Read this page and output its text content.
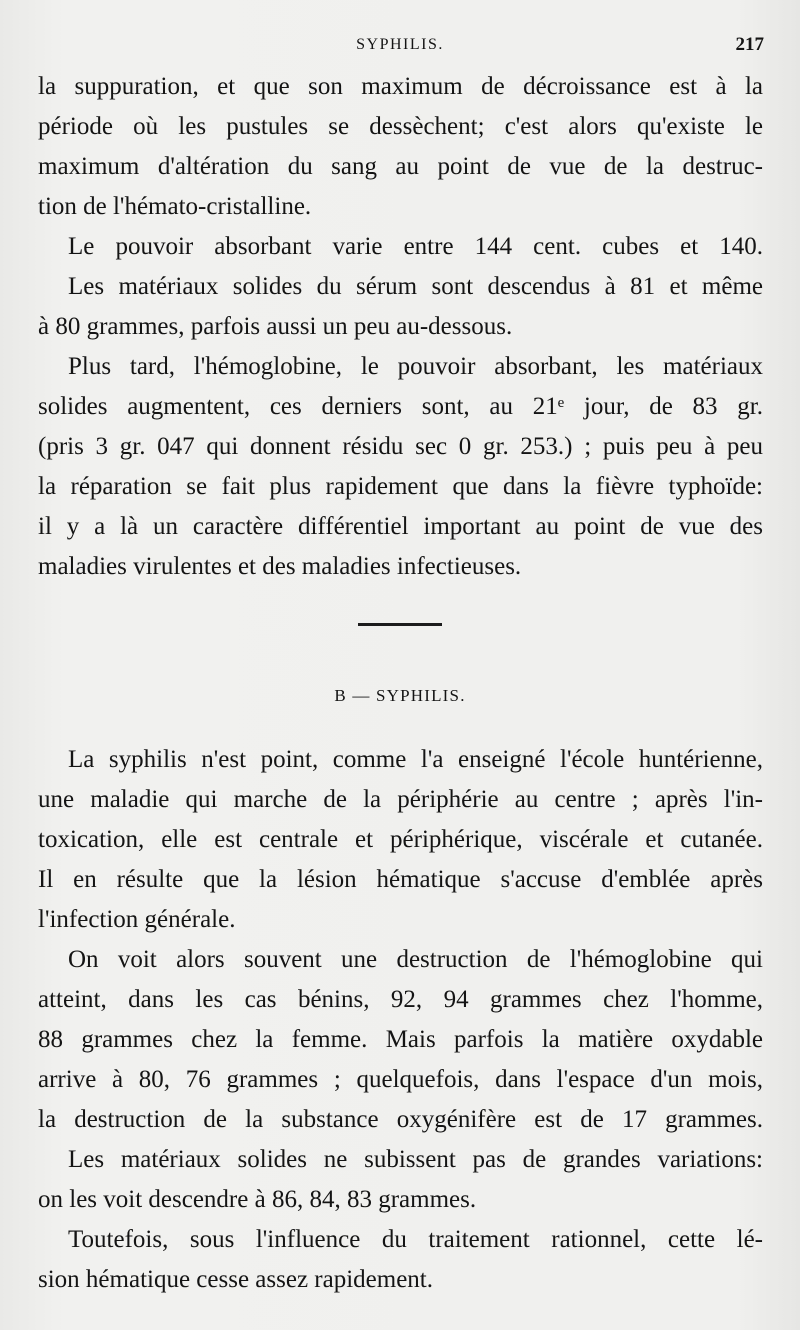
SYPHILIS.	217
la suppuration, et que son maximum de décroissance est à la
période où les pustules se dessèchent; c'est alors qu'existe le
maximum d'altération du sang au point de vue de la destruc-
tion de l'hémato-cristalline.
Le pouvoir absorbant varie entre 144 cent. cubes et 140.
Les matériaux solides du sérum sont descendus à 81 et même
à 80 grammes, parfois aussi un peu au-dessous.
Plus tard, l'hémoglobine, le pouvoir absorbant, les matériaux
solides augmentent, ces derniers sont, au 21ᵉ jour, de 83 gr.
(pris 3 gr. 047 qui donnent résidu sec 0 gr. 253.) ; puis peu à peu
la réparation se fait plus rapidement que dans la fièvre typhoïde:
il y a là un caractère différentiel important au point de vue des
maladies virulentes et des maladies infectieuses.
B — SYPHILIS.
La syphilis n'est point, comme l'a enseigné l'école huntérienne,
une maladie qui marche de la périphérie au centre ; après l'in-
toxication, elle est centrale et périphérique, viscérale et cutanée.
Il en résulte que la lésion hématique s'accuse d'emblée après
l'infection générale.
On voit alors souvent une destruction de l'hémoglobine qui
atteint, dans les cas bénins, 92, 94 grammes chez l'homme,
88 grammes chez la femme. Mais parfois la matière oxydable
arrive à 80, 76 grammes ; quelquefois, dans l'espace d'un mois,
la destruction de la substance oxygénifère est de 17 grammes.
Les matériaux solides ne subissent pas de grandes variations:
on les voit descendre à 86, 84, 83 grammes.
Toutefois, sous l'influence du traitement rationnel, cette lé-
sion hématique cesse assez rapidement.
